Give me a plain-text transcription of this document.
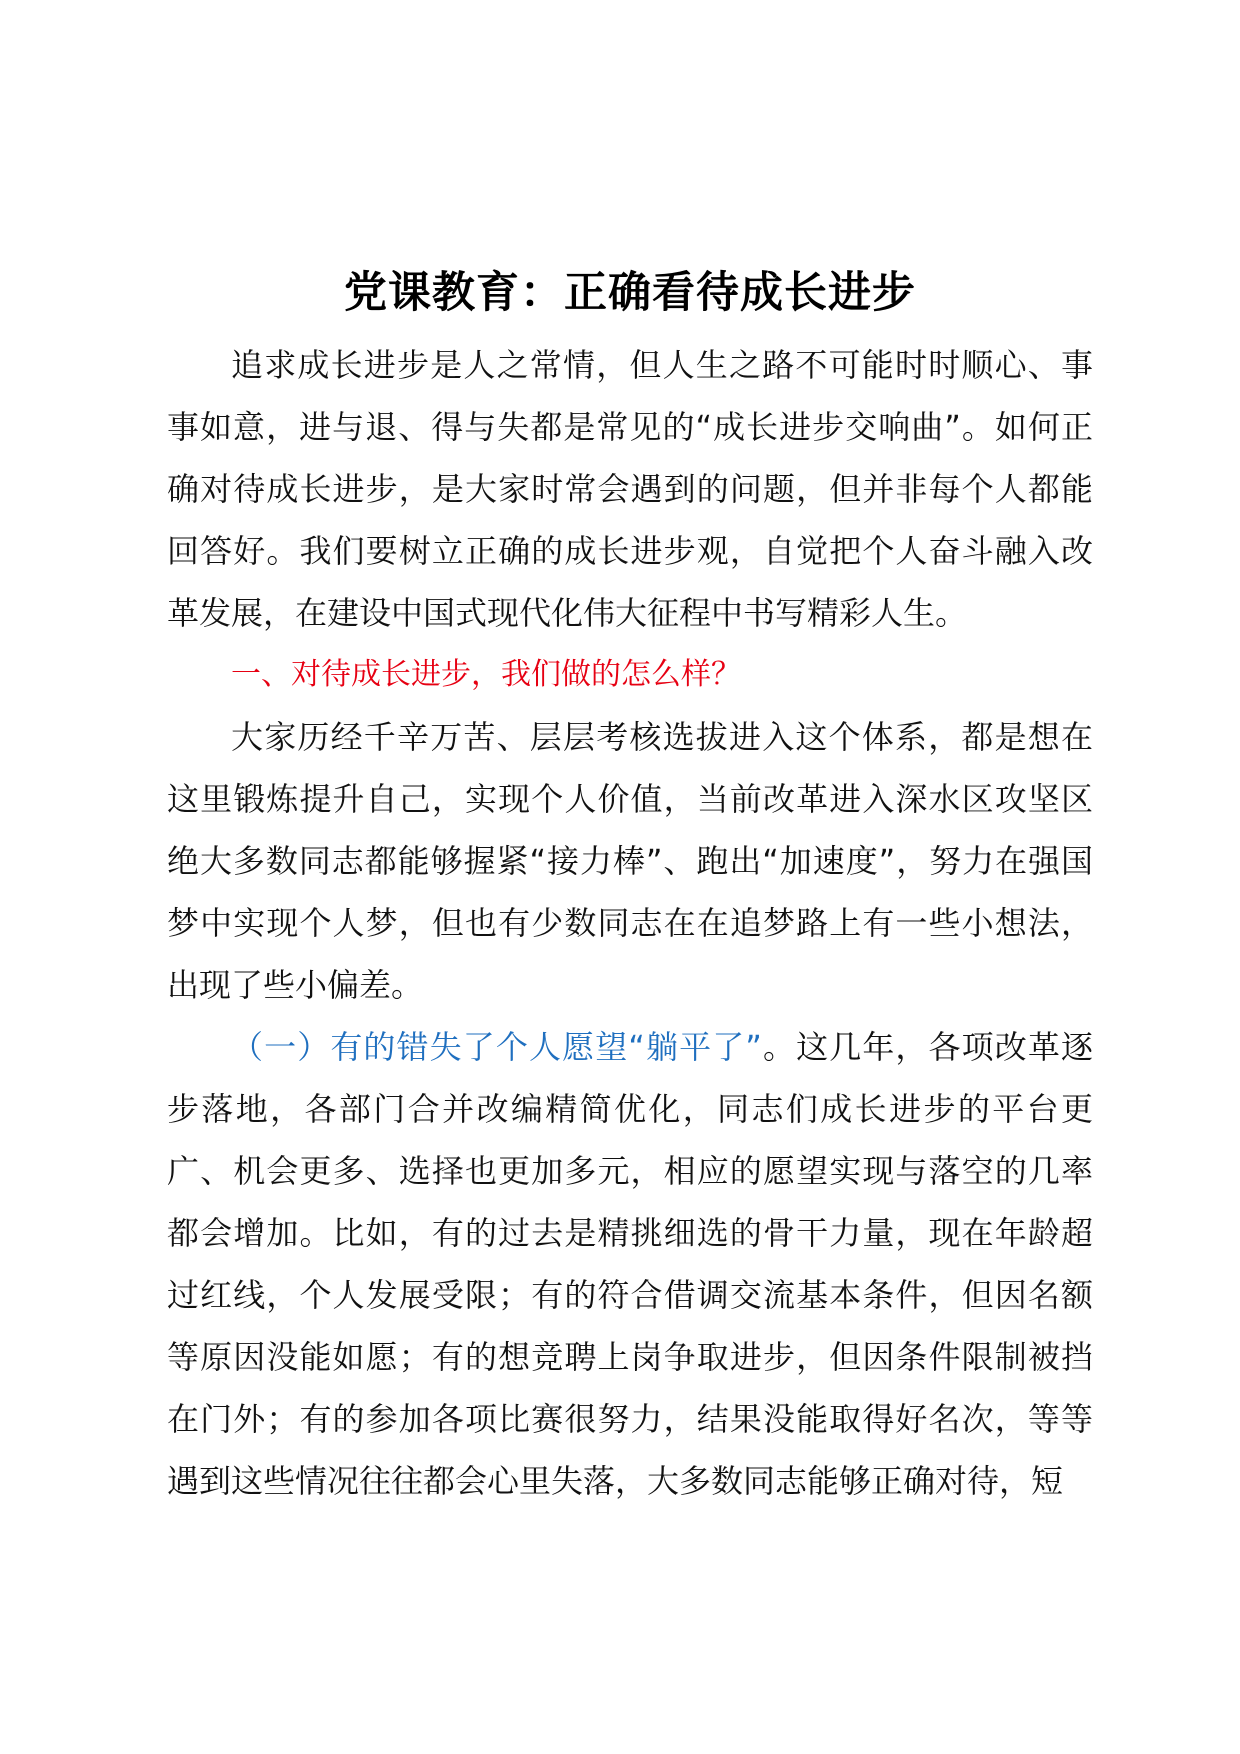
党课教育：正确看待成长进步

追求成长进步是人之常情，但人生之路不可能时时顺心、事事如意，进与退、得与失都是常见的“成长进步交响曲”。如何正确对待成长进步，是大家时常会遇到的问题，但并非每个人都能回答好。我们要树立正确的成长进步观，自觉把个人奋斗融入改革发展，在建设中国式现代化伟大征程中书写精彩人生。

一、对待成长进步，我们做的怎么样？

大家历经千辛万苦、层层考核选拔进入这个体系，都是想在这里锻炼提升自己，实现个人价值，当前改革进入深水区攻坚区绝大多数同志都能够握紧“接力棒”、跑出“加速度”，努力在强国梦中实现个人梦，但也有少数同志在在追梦路上有一些小想法，出现了些小偏差。

（一）有的错失了个人愿望“躺平了”。这几年，各项改革逐步落地，各部门合并改编精简优化，同志们成长进步的平台更广、机会更多、选择也更加多元，相应的愿望实现与落空的几率都会增加。比如，有的过去是精挑细选的骨干力量，现在年龄超过红线，个人发展受限；有的符合借调交流基本条件，但因名额等原因没能如愿；有的想竞聘上岗争取进步，但因条件限制被挡在门外；有的参加各项比赛很努力，结果没能取得好名次，等等遇到这些情况往往都会心里失落，大多数同志能够正确对待，短
